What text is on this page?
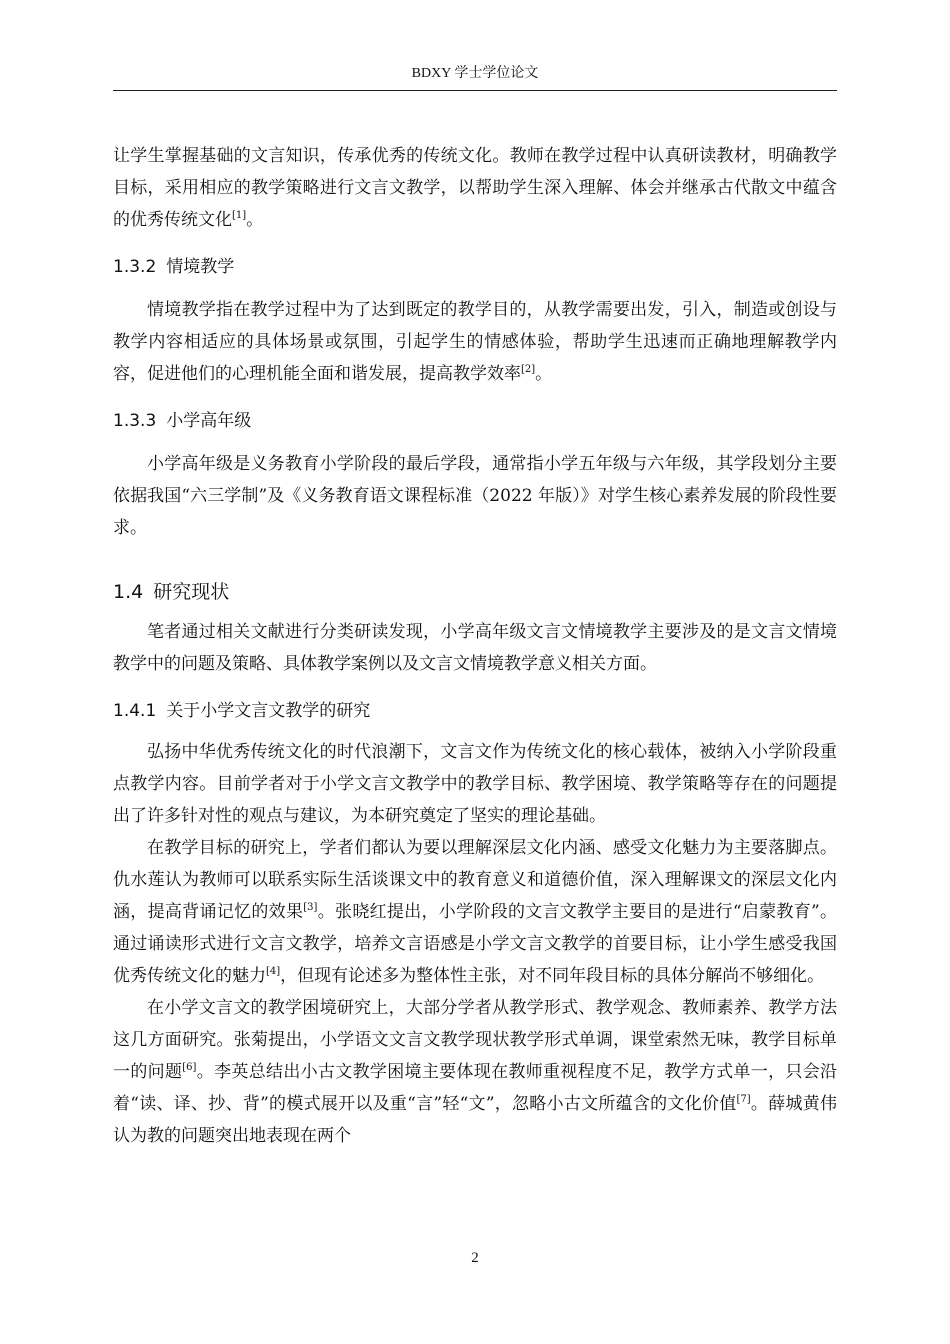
BDXY 学士学位论文

让学生掌握基础的文言知识，传承优秀的传统文化。教师在教学过程中认真研读教材，明确教学目标，采用相应的教学策略进行文言文教学，以帮助学生深入理解、体会并继承古代散文中蕴含的优秀传统文化[1]。

1.3.2 情境教学

情境教学指在教学过程中为了达到既定的教学目的，从教学需要出发，引入，制造或创设与教学内容相适应的具体场景或氛围，引起学生的情感体验，帮助学生迅速而正确地理解教学内容，促进他们的心理机能全面和谐发展，提高教学效率[2]。

1.3.3 小学高年级

小学高年级是义务教育小学阶段的最后学段，通常指小学五年级与六年级，其学段划分主要依据我国“六三学制”及《义务教育语文课程标准（2022 年版）》对学生核心素养发展的阶段性要求。

1.4 研究现状

笔者通过相关文献进行分类研读发现，小学高年级文言文情境教学主要涉及的是文言文情境教学中的问题及策略、具体教学案例以及文言文情境教学意义相关方面。

1.4.1 关于小学文言文教学的研究

弘扬中华优秀传统文化的时代浪潮下，文言文作为传统文化的核心载体，被纳入小学阶段重点教学内容。目前学者对于小学文言文教学中的教学目标、教学困境、教学策略等存在的问题提出了许多针对性的观点与建议，为本研究奠定了坚实的理论基础。

在教学目标的研究上，学者们都认为要以理解深层文化内涵、感受文化魅力为主要落脚点。仇水莲认为教师可以联系实际生活谈课文中的教育意义和道德价值，深入理解课文的深层文化内涵，提高背诵记忆的效果[3]。张晓红提出，小学阶段的文言文教学主要目的是进行“启蒙教育”。通过诵读形式进行文言文教学，培养文言语感是小学文言文教学的首要目标，让小学生感受我国优秀传统文化的魅力[4]，但现有论述多为整体性主张，对不同年段目标的具体分解尚不够细化。

在小学文言文的教学困境研究上，大部分学者从教学形式、教学观念、教师素养、教学方法这几方面研究。张菊提出，小学语文文言文教学现状教学形式单调，课堂索然无味，教学目标单一的问题[6]。李英总结出小古文教学困境主要体现在教师重视程度不足，教学方式单一，只会沿着“读、译、抄、背”的模式展开以及重“言”轻“文”，忽略小古文所蕴含的文化价值[7]。薛城黄伟认为教的问题突出地表现在两个

2
